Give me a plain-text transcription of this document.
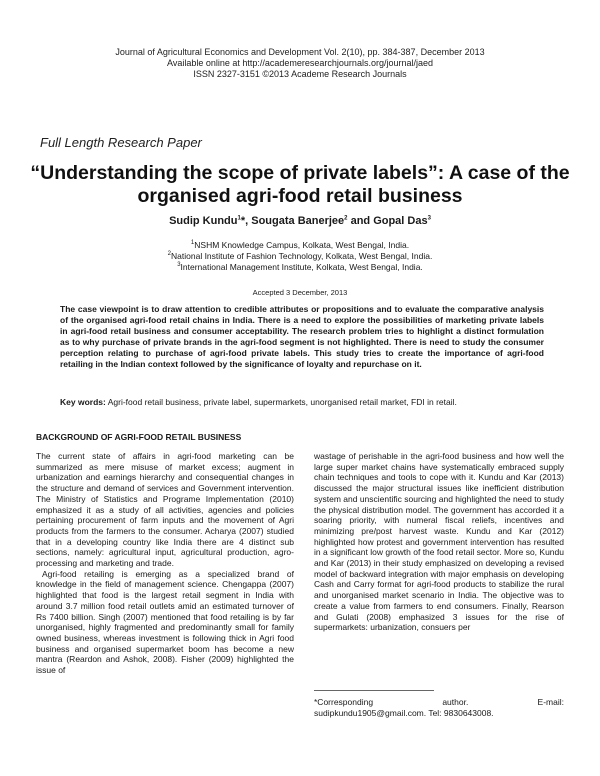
Journal of Agricultural Economics and Development Vol. 2(10), pp. 384-387, December 2013
Available online at http://academeresearchjournals.org/journal/jaed
ISSN 2327-3151 ©2013 Academe Research Journals
Full Length Research Paper
“Understanding the scope of private labels”: A case of the organised agri-food retail business
Sudip Kundu$^1$*, Sougata Banerjee$^2$ and Gopal Das$^3$
$^1$NSHM Knowledge Campus, Kolkata, West Bengal, India.
$^2$National Institute of Fashion Technology, Kolkata, West Bengal, India.
$^3$International Management Institute, Kolkata, West Bengal, India.
Accepted 3 December, 2013
The case viewpoint is to draw attention to credible attributes or propositions and to evaluate the comparative analysis of the organised agri-food retail chains in India. There is a need to explore the possibilities of marketing private labels in agri-food retail business and consumer acceptability. The research problem tries to highlight a distinct formulation as to why purchase of private brands in the agri-food segment is not highlighted. There is need to study the consumer perception relating to purchase of agri-food private labels. This study tries to create the importance of agri-food retailing in the Indian context followed by the significance of loyalty and repurchase on it.
Key words: Agri-food retail business, private label, supermarkets, unorganised retail market, FDI in retail.
BACKGROUND OF AGRI-FOOD RETAIL BUSINESS

The current state of affairs in agri-food marketing can be summarized as mere misuse of market excess; augment in urbanization and earnings hierarchy and consequential changes in the structure and demand of services and Government intervention. The Ministry of Statistics and Programe Implementation (2010) emphasized it as a study of all activities, agencies and policies pertaining procurement of farm inputs and the movement of Agri products from the farmers to the consumer. Acharya (2007) studied that in a developing country like India there are 4 distinct sub sections, namely: agricultural input, agricultural production, agro-processing and marketing and trade.

Agri-food retailing is emerging as a specialized brand of knowledge in the field of management science. Chengappa (2007) highlighted that food is the largest retail segment in India with around 3.7 million food retail outlets amid an estimated turnover of Rs 7400 billion. Singh (2007) mentioned that food retailing is by far unorganised, highly fragmented and predominantly small for family owned business, whereas investment is following thick in Agri food business and organised supermarket boom has become a new mantra (Reardon and Ashok, 2008). Fisher (2009) highlighted the issue of

wastage of perishable in the agri-food business and how well the large super market chains have systematically embraced supply chain techniques and tools to cope with it. Kundu and Kar (2013) discussed the major structural issues like inefficient distribution system and unscientific sourcing and highlighted the need to study the physical distribution model. The government has accorded it a soaring priority, with numeral fiscal reliefs, incentives and minimizing pre/post harvest waste. Kundu and Kar (2012) highlighted how protest and government intervention has resulted in a significant low growth of the food retail sector. More so, Kundu and Kar (2013) in their study emphasized on developing a revised model of backward integration with major emphasis on developing Cash and Carry format for agri-food products to stabilize the rural and unorganised market scenario in India. The objective was to create a value from farmers to end consumers. Finally, Rearson and Gulati (2008) emphasized 3 issues for the rise of supermarkets: urbanization, consuers per

*Corresponding	author.	E-mail:
sudipkundu1905@gmail.com. Tel: 9830643008.
